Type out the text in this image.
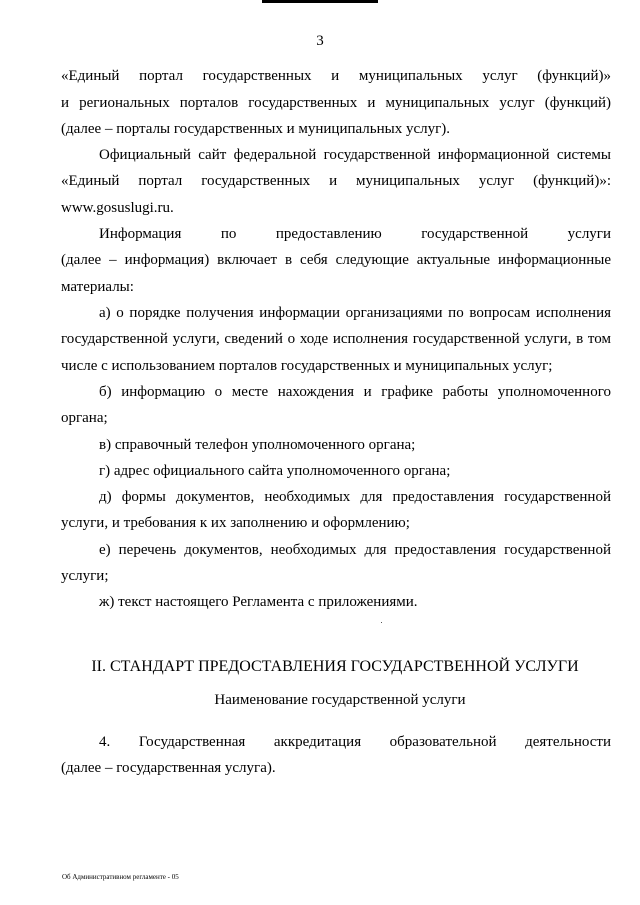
3
«Единый портал государственных и муниципальных услуг (функций)»
и региональных порталов государственных и муниципальных услуг (функций)
(далее – порталы государственных и муниципальных услуг).
Официальный сайт федеральной государственной информационной системы
«Единый портал государственных и муниципальных услуг (функций)»:
www.gosuslugi.ru.
Информация по предоставлению государственной услуги
(далее – информация) включает в себя следующие актуальные информационные
материалы:
а) о порядке получения информации организациями по вопросам исполнения
государственной услуги, сведений о ходе исполнения государственной услуги, в том
числе с использованием порталов государственных и муниципальных услуг;
б) информацию о месте нахождения и графике работы уполномоченного
органа;
в) справочный телефон уполномоченного органа;
г) адрес официального сайта уполномоченного органа;
д) формы документов, необходимых для предоставления государственной
услуги, и требования к их заполнению и оформлению;
е) перечень документов, необходимых для предоставления государственной
услуги;
ж) текст настоящего Регламента с приложениями.
II. СТАНДАРТ ПРЕДОСТАВЛЕНИЯ ГОСУДАРСТВЕННОЙ УСЛУГИ
Наименование государственной услуги
4. Государственная аккредитация образовательной деятельности
(далее – государственная услуга).
Об Административном регламенте - 05
